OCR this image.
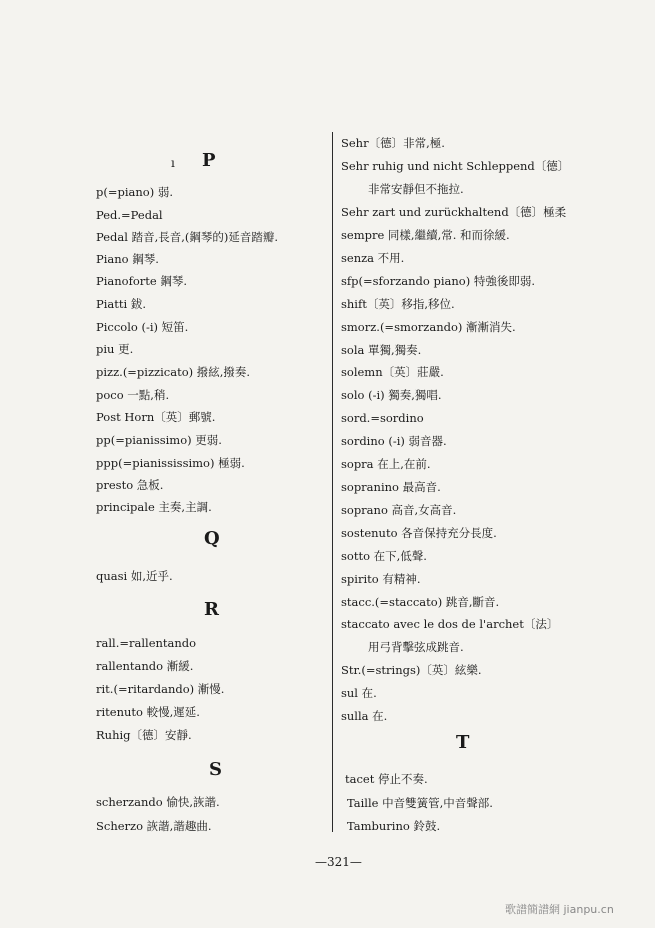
ı P
p(=piano) 弱.
Ped.=Pedal
Pedal 踏音,長音,(鋼琴的)延音踏瓣.
Piano 鋼琴.
Pianoforte 鋼琴.
Piatti 鈸.
Piccolo (-i) 短笛.
piu 更.
pizz.(=pizzicato) 撥絃,撥奏.
poco 一點,稍.
Post Horn〔英〕郵號.
pp(=pianissimo) 更弱.
ppp(=pianississimo) 極弱.
presto 急板.
principale 主奏,主調.
Q
quasi 如,近乎.
R
rall.=rallentando
rallentando 漸緩.
rit.(=ritardando) 漸慢.
ritenuto 較慢,遲延.
Ruhig〔德〕安靜.
S
scherzando 愉快,詼諧.
Scherzo 詼諧,諧趣曲.
Sehr〔德〕非常,極.
Sehr ruhig und nicht Schleppend〔德〕
非常安靜但不拖拉.
Sehr zart und zurückhaltend〔德〕極柔
sempre 同樣,繼續,常. 和而徐緩.
senza 不用.
sfp(=sforzando piano) 特強後即弱.
shift〔英〕移指,移位.
smorz.(=smorzando) 漸漸消失.
sola 單獨,獨奏.
solemn〔英〕莊嚴.
solo (-i) 獨奏,獨唱.
sord.=sordino
sordino (-i) 弱音器.
sopra 在上,在前.
sopranino 最高音.
soprano 高音,女高音.
sostenuto 各音保持充分長度.
sotto 在下,低聲.
spirito 有精神.
stacc.(=staccato) 跳音,斷音.
staccato avec le dos de l'archet〔法〕
用弓背擊弦成跳音.
Str.(=strings)〔英〕絃樂.
sul 在.
sulla 在.
T
tacet 停止不奏.
Taille 中音雙簧管,中音聲部.
Tamburino 鈴鼓.
—321—
歌譜簡譜網 jianpu.cn
